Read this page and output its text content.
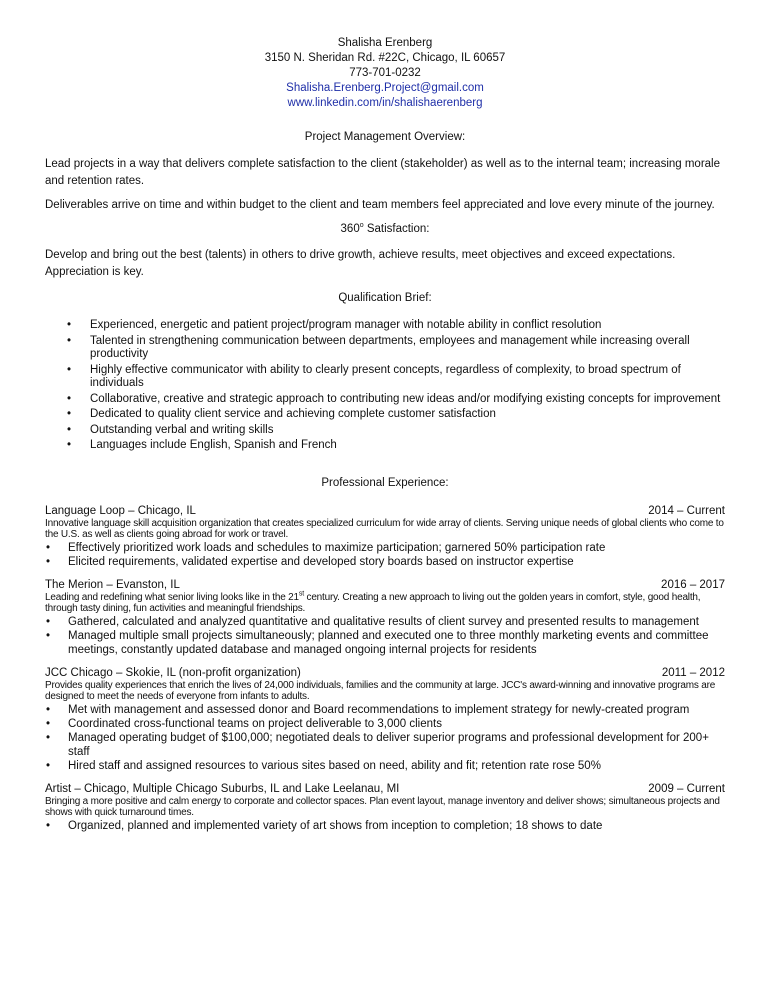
Shalisha Erenberg
3150 N. Sheridan Rd. #22C, Chicago, IL 60657
773-701-0232
Shalisha.Erenberg.Project@gmail.com
www.linkedin.com/in/shalishaerenberg
Project Management Overview:

Lead projects in a way that delivers complete satisfaction to the client (stakeholder) as well as to the internal team; increasing morale and retention rates.

Deliverables arrive on time and within budget to the client and team members feel appreciated and love every minute of the journey.

360$^o$ Satisfaction:

Develop and bring out the best (talents) in others to drive growth, achieve results, meet objectives and exceed expectations. Appreciation is key.

Qualification Brief:
• Experienced, energetic and patient project/program manager with notable ability in conflict resolution
• Talented in strengthening communication between departments, employees and management while increasing overall productivity
• Highly effective communicator with ability to clearly present concepts, regardless of complexity, to broad spectrum of individuals
• Collaborative, creative and strategic approach to contributing new ideas and/or modifying existing concepts for improvement
• Dedicated to quality client service and achieving complete customer satisfaction
• Outstanding verbal and writing skills
• Languages include English, Spanish and French
Professional Experience:
Language Loop – Chicago, IL	2014 – Current
Innovative language skill acquisition organization that creates specialized curriculum for wide array of clients. Serving unique needs of global clients who come to the U.S. as well as clients going abroad for work or travel.
• Effectively prioritized work loads and schedules to maximize participation; garnered 50% participation rate
• Elicited requirements, validated expertise and developed story boards based on instructor expertise
The Merion – Evanston, IL	2016 – 2017
Leading and redefining what senior living looks like in the 21st century. Creating a new approach to living out the golden years in comfort, style, good health, through tasty dining, fun activities and meaningful friendships.
• Gathered, calculated and analyzed quantitative and qualitative results of client survey and presented results to management
• Managed multiple small projects simultaneously; planned and executed one to three monthly marketing events and committee meetings, constantly updated database and managed ongoing internal projects for residents
JCC Chicago – Skokie, IL (non-profit organization)	2011 – 2012
Provides quality experiences that enrich the lives of 24,000 individuals, families and the community at large. JCC's award-winning and innovative programs are designed to meet the needs of everyone from infants to adults.
• Met with management and assessed donor and Board recommendations to implement strategy for newly-created program
• Coordinated cross-functional teams on project deliverable to 3,000 clients
• Managed operating budget of $100,000; negotiated deals to deliver superior programs and professional development for 200+ staff
• Hired staff and assigned resources to various sites based on need, ability and fit; retention rate rose 50%
Artist – Chicago, Multiple Chicago Suburbs, IL and Lake Leelanau, MI	2009 – Current
Bringing a more positive and calm energy to corporate and collector spaces. Plan event layout, manage inventory and deliver shows; simultaneous projects and shows with quick turnaround times.
• Organized, planned and implemented variety of art shows from inception to completion; 18 shows to date
